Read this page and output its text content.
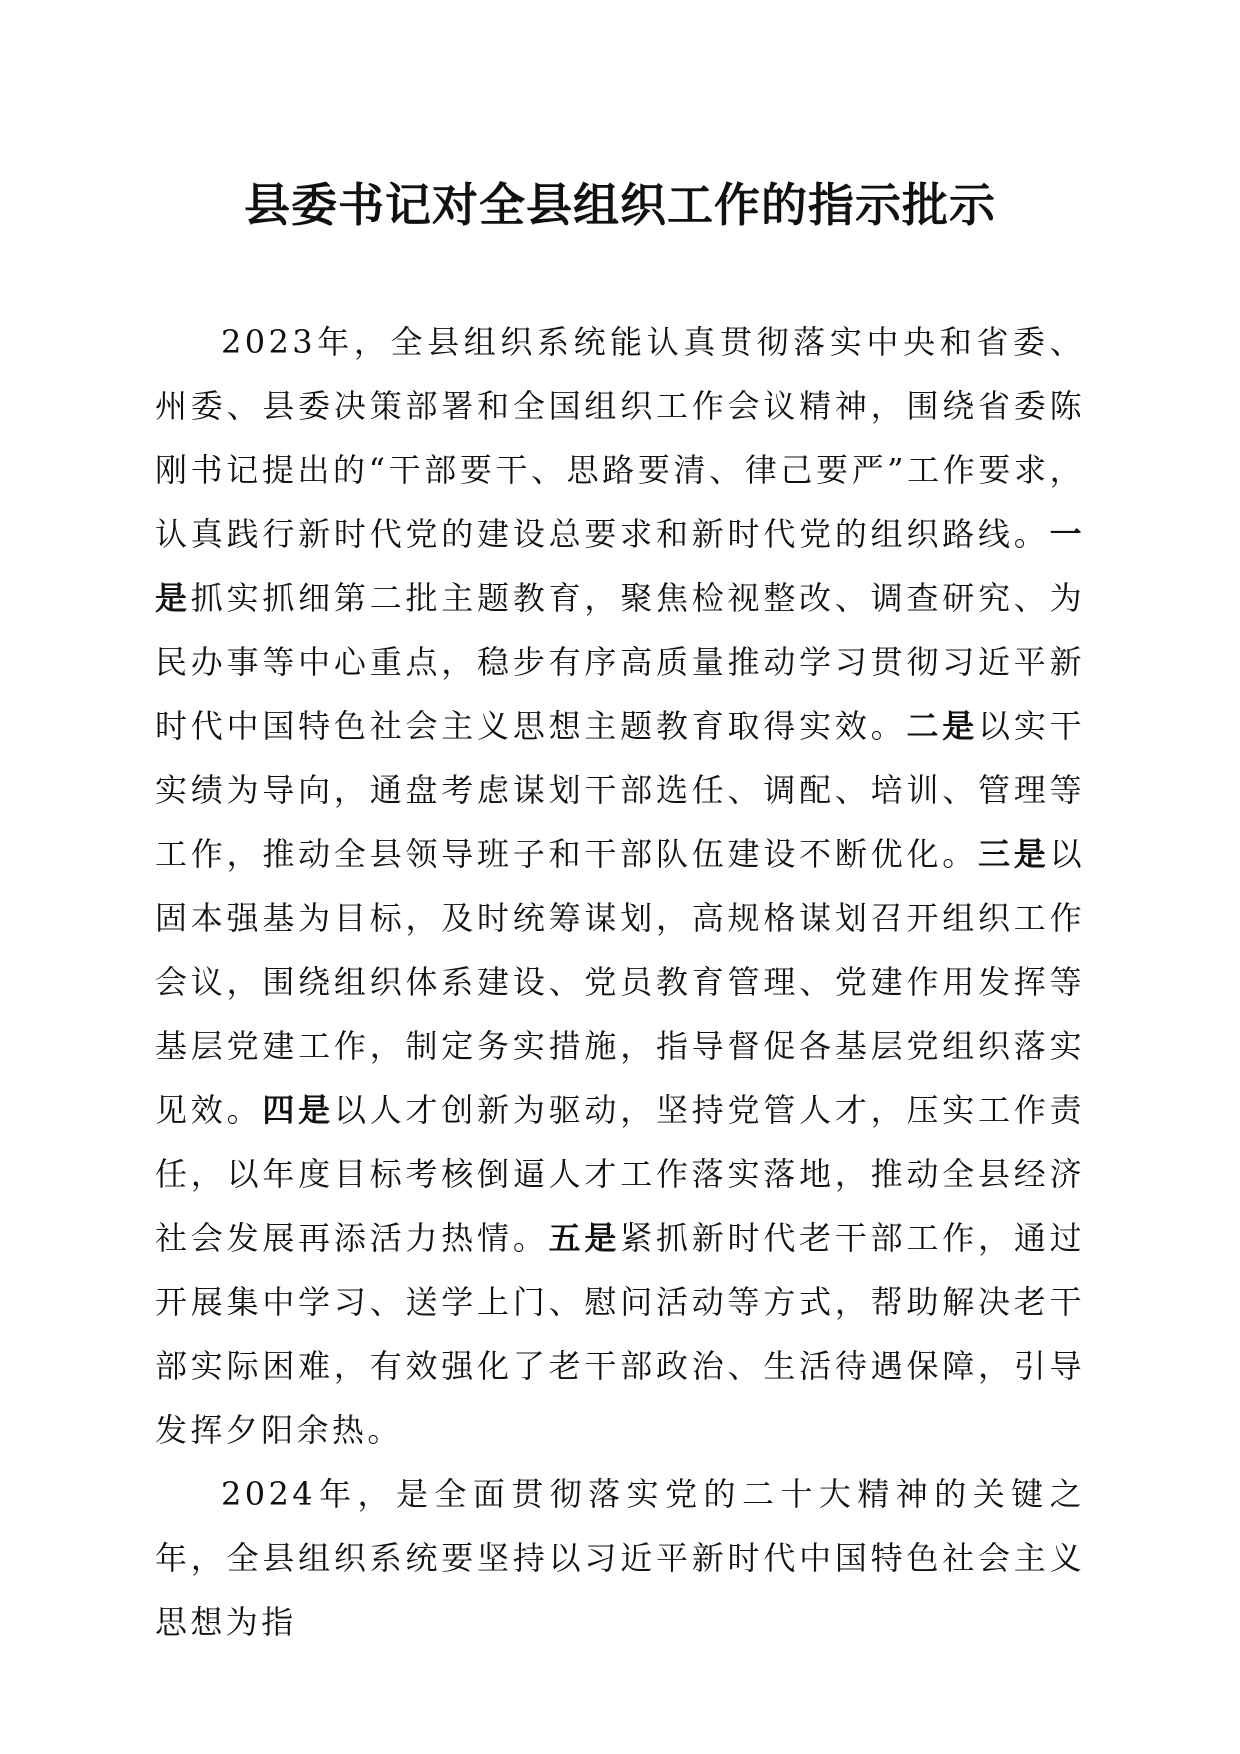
县委书记对全县组织工作的指示批示

2023年，全县组织系统能认真贯彻落实中央和省委、州委、县委决策部署和全国组织工作会议精神，围绕省委陈刚书记提出的“干部要干、思路要清、律己要严”工作要求，认真践行新时代党的建设总要求和新时代党的组织路线。一是抓实抓细第二批主题教育，聚焦检视整改、调查研究、为民办事等中心重点，稳步有序高质量推动学习贯彻习近平新时代中国特色社会主义思想主题教育取得实效。二是以实干实绩为导向，通盘考虑谋划干部选任、调配、培训、管理等工作，推动全县领导班子和干部队伍建设不断优化。三是以固本强基为目标，及时统筹谋划，高规格谋划召开组织工作会议，围绕组织体系建设、党员教育管理、党建作用发挥等基层党建工作，制定务实措施，指导督促各基层党组织落实见效。四是以人才创新为驱动，坚持党管人才，压实工作责任，以年度目标考核倒逼人才工作落实落地，推动全县经济社会发展再添活力热情。五是紧抓新时代老干部工作，通过开展集中学习、送学上门、慰问活动等方式，帮助解决老干部实际困难，有效强化了老干部政治、生活待遇保障，引导发挥夕阳余热。

2024年，是全面贯彻落实党的二十大精神的关键之年，全县组织系统要坚持以习近平新时代中国特色社会主义思想为指
